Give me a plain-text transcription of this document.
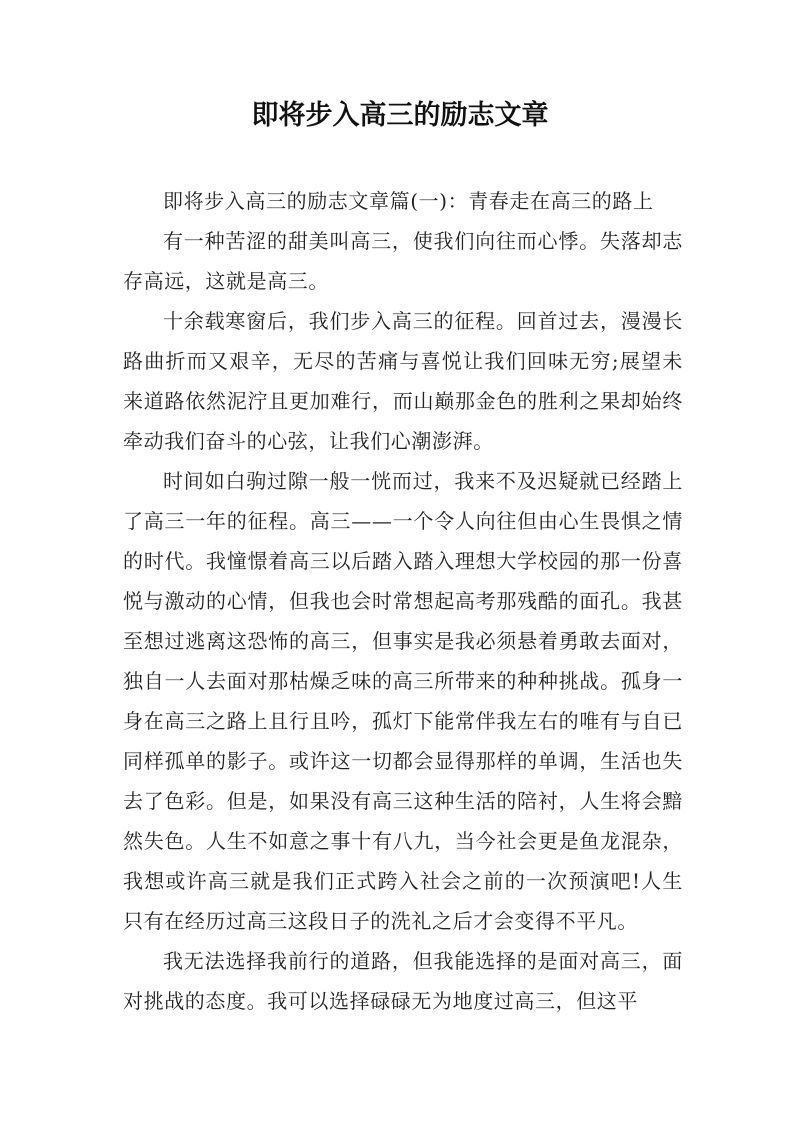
即将步入高三的励志文章

即将步入高三的励志文章篇(一)：青春走在高三的路上

有一种苦涩的甜美叫高三，使我们向往而心悸。失落却志存高远，这就是高三。

十余载寒窗后，我们步入高三的征程。回首过去，漫漫长路曲折而又艰辛，无尽的苦痛与喜悦让我们回味无穷;展望未来道路依然泥泞且更加难行，而山巅那金色的胜利之果却始终牵动我们奋斗的心弦，让我们心潮澎湃。

时间如白驹过隙一般一恍而过，我来不及迟疑就已经踏上了高三一年的征程。高三——一个令人向往但由心生畏惧之情的时代。我憧憬着高三以后踏入踏入理想大学校园的那一份喜悦与激动的心情，但我也会时常想起高考那残酷的面孔。我甚至想过逃离这恐怖的高三，但事实是我必须悬着勇敢去面对，独自一人去面对那枯燥乏味的高三所带来的种种挑战。孤身一身在高三之路上且行且吟，孤灯下能常伴我左右的唯有与自已同样孤单的影子。或许这一切都会显得那样的单调，生活也失去了色彩。但是，如果没有高三这种生活的陪衬，人生将会黯然失色。人生不如意之事十有八九，当今社会更是鱼龙混杂，我想或许高三就是我们正式跨入社会之前的一次预演吧!人生只有在经历过高三这段日子的洗礼之后才会变得不平凡。

我无法选择我前行的道路，但我能选择的是面对高三，面对挑战的态度。我可以选择碌碌无为地度过高三，但这平
